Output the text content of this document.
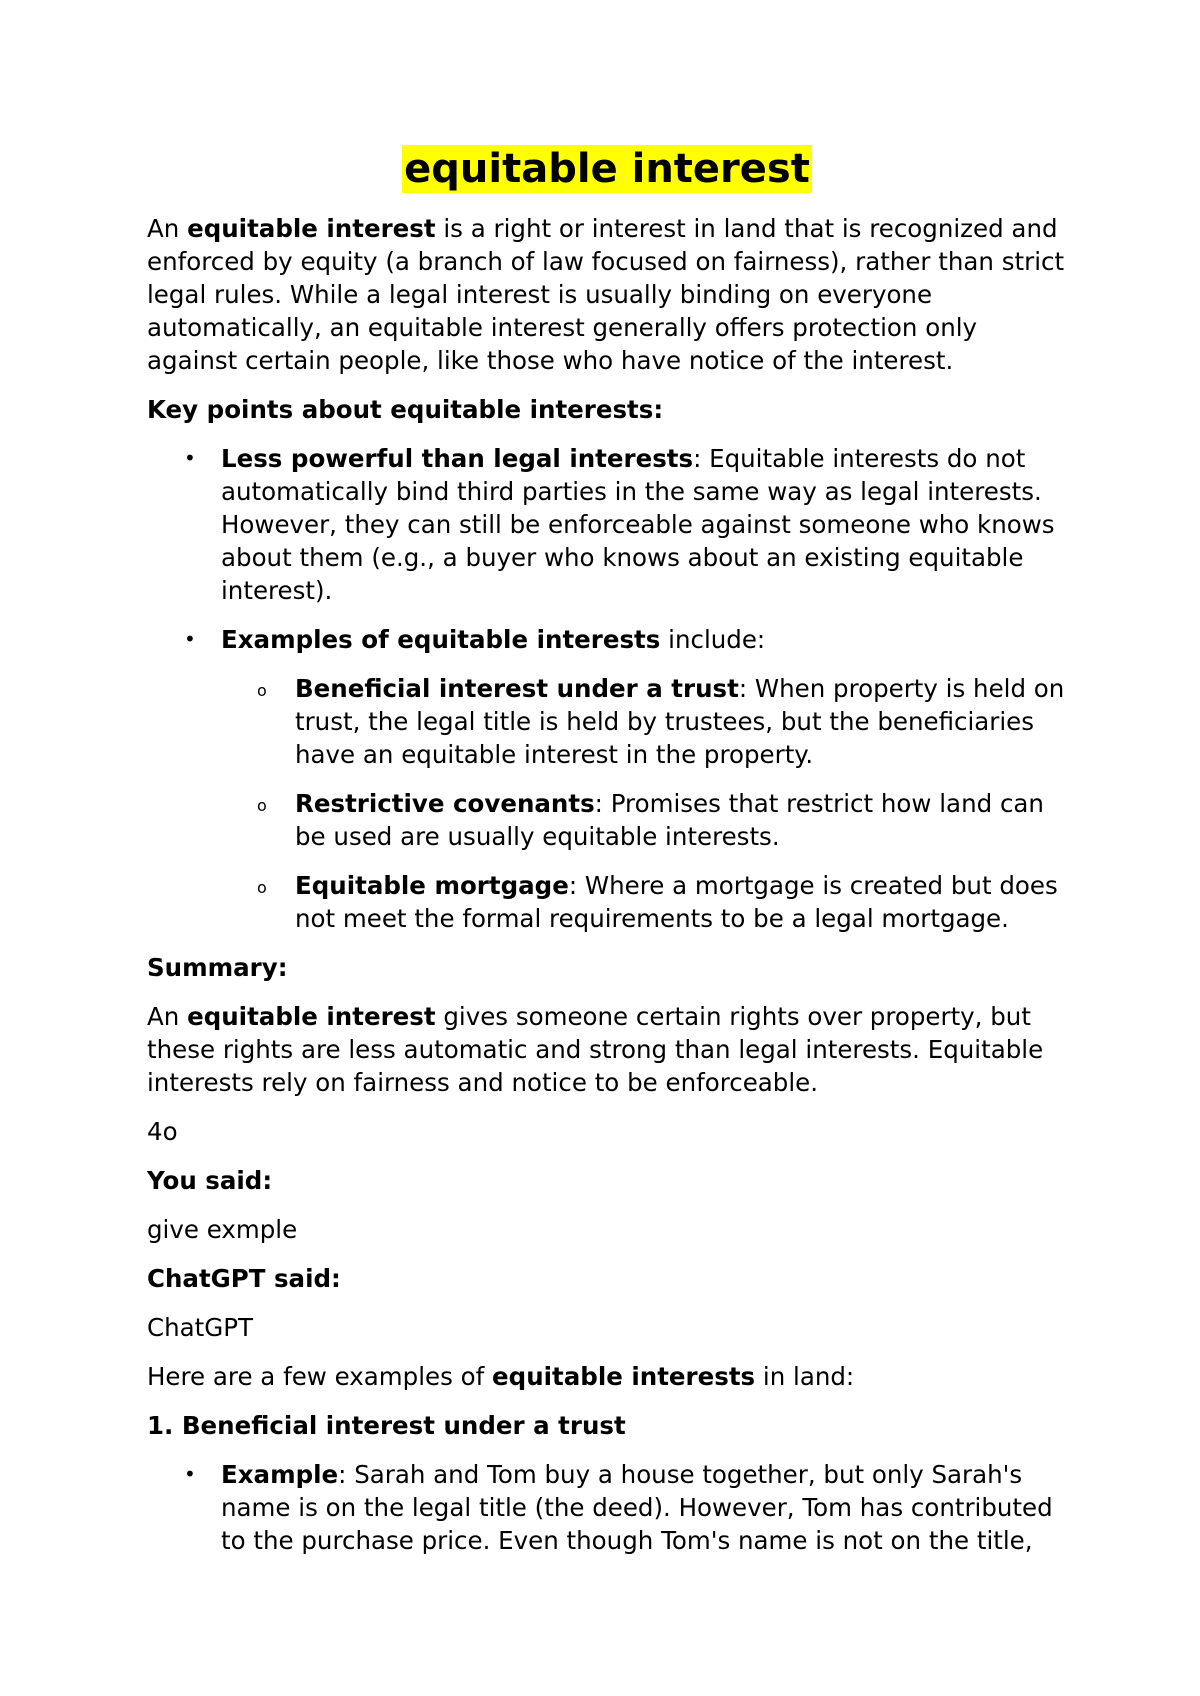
equitable interest

An equitable interest is a right or interest in land that is recognized and enforced by equity (a branch of law focused on fairness), rather than strict legal rules. While a legal interest is usually binding on everyone automatically, an equitable interest generally offers protection only against certain people, like those who have notice of the interest.

Key points about equitable interests:

• Less powerful than legal interests: Equitable interests do not automatically bind third parties in the same way as legal interests. However, they can still be enforceable against someone who knows about them (e.g., a buyer who knows about an existing equitable interest).
• Examples of equitable interests include:
o Beneficial interest under a trust: When property is held on trust, the legal title is held by trustees, but the beneficiaries have an equitable interest in the property.
o Restrictive covenants: Promises that restrict how land can be used are usually equitable interests.
o Equitable mortgage: Where a mortgage is created but does not meet the formal requirements to be a legal mortgage.

Summary:

An equitable interest gives someone certain rights over property, but these rights are less automatic and strong than legal interests. Equitable interests rely on fairness and notice to be enforceable.

4o

You said:

give exmple

ChatGPT said:

ChatGPT

Here are a few examples of equitable interests in land:

1. Beneficial interest under a trust

• Example: Sarah and Tom buy a house together, but only Sarah's name is on the legal title (the deed). However, Tom has contributed to the purchase price. Even though Tom's name is not on the title,
